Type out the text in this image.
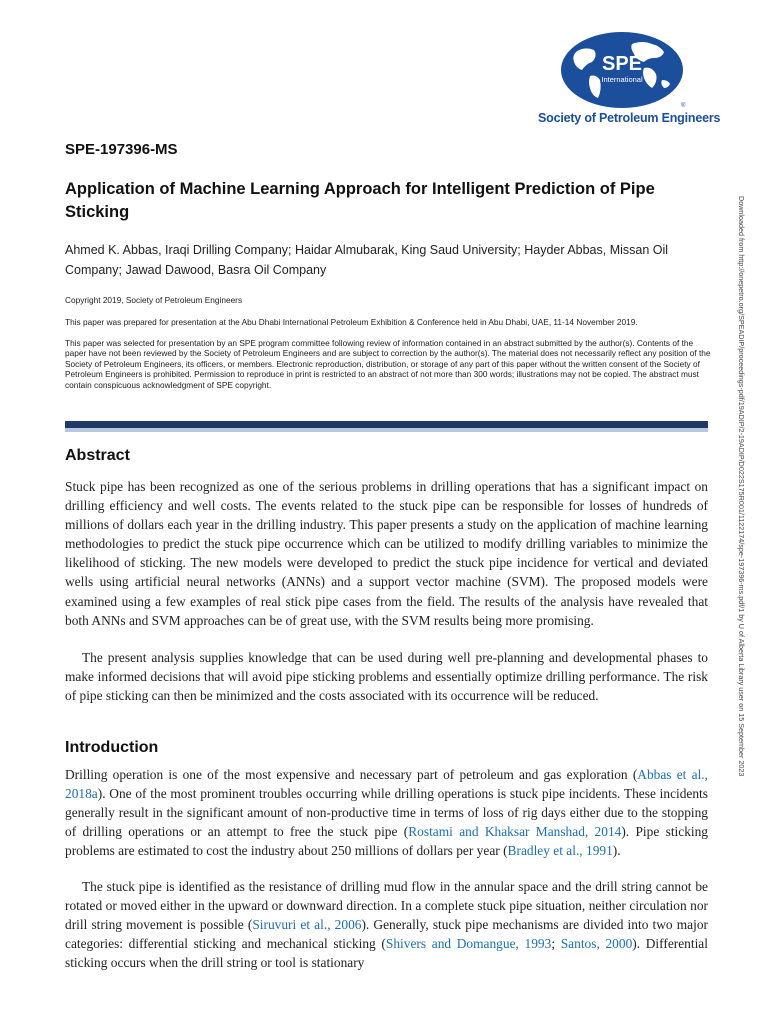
SPE
International
®
Society of Petroleum Engineers
SPE-197396-MS
Application of Machine Learning Approach for Intelligent Prediction of Pipe Sticking
Ahmed K. Abbas, Iraqi Drilling Company; Haidar Almubarak, King Saud University; Hayder Abbas, Missan Oil Company; Jawad Dawood, Basra Oil Company
Copyright 2019, Society of Petroleum Engineers
This paper was prepared for presentation at the Abu Dhabi International Petroleum Exhibition & Conference held in Abu Dhabi, UAE, 11-14 November 2019.
This paper was selected for presentation by an SPE program committee following review of information contained in an abstract submitted by the author(s). Contents of the paper have not been reviewed by the Society of Petroleum Engineers and are subject to correction by the author(s). The material does not necessarily reflect any position of the Society of Petroleum Engineers, its officers, or members. Electronic reproduction, distribution, or storage of any part of this paper without the written consent of the Society of Petroleum Engineers is prohibited. Permission to reproduce in print is restricted to an abstract of not more than 300 words; illustrations may not be copied. The abstract must contain conspicuous acknowledgment of SPE copyright.
Abstract

Stuck pipe has been recognized as one of the serious problems in drilling operations that has a significant impact on drilling efficiency and well costs. The events related to the stuck pipe can be responsible for losses of hundreds of millions of dollars each year in the drilling industry. This paper presents a study on the application of machine learning methodologies to predict the stuck pipe occurrence which can be utilized to modify drilling variables to minimize the likelihood of sticking. The new models were developed to predict the stuck pipe incidence for vertical and deviated wells using artificial neural networks (ANNs) and a support vector machine (SVM). The proposed models were examined using a few examples of real stick pipe cases from the field. The results of the analysis have revealed that both ANNs and SVM approaches can be of great use, with the SVM results being more promising.

The present analysis supplies knowledge that can be used during well pre-planning and developmental phases to make informed decisions that will avoid pipe sticking problems and essentially optimize drilling performance. The risk of pipe sticking can then be minimized and the costs associated with its occurrence will be reduced.

Introduction

Drilling operation is one of the most expensive and necessary part of petroleum and gas exploration (Abbas et al., 2018a). One of the most prominent troubles occurring while drilling operations is stuck pipe incidents. These incidents generally result in the significant amount of non-productive time in terms of loss of rig days either due to the stopping of drilling operations or an attempt to free the stuck pipe (Rostami and Khaksar Manshad, 2014). Pipe sticking problems are estimated to cost the industry about 250 millions of dollars per year (Bradley et al., 1991).

The stuck pipe is identified as the resistance of drilling mud flow in the annular space and the drill string cannot be rotated or moved either in the upward or downward direction. In a complete stuck pipe situation, neither circulation nor drill string movement is possible (Siruvuri et al., 2006). Generally, stuck pipe mechanisms are divided into two major categories: differential sticking and mechanical sticking (Shivers and Domangue, 1993; Santos, 2000). Differential sticking occurs when the drill string or tool is stationary

Downloaded from http://onepetro.org/SPEADIP/proceedings-pdf/19ADIP/2-19ADIP/D022S175R001/1122174/spe-197396-ms.pdf/1 by U of Alberta Library user on 15 September 2023
